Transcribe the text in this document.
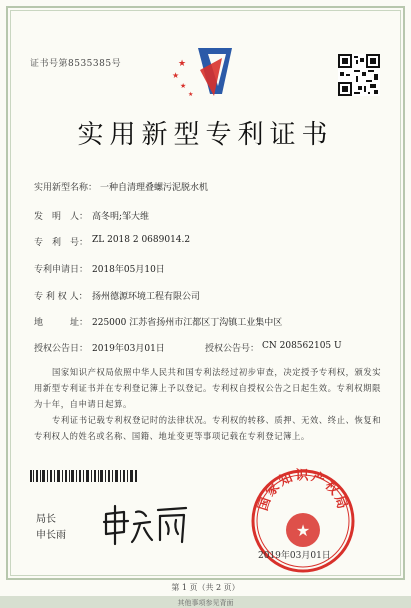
证书号第8535385号	★
★
★
★
实用新型专利证书
实用新型名称： 一种自清理叠螺污泥脱水机
发　明　人： 高冬明;邹大维
专　利　号： ZL 2018 2 0689014.2
专利申请日： 2018年05月10日
专 利 权 人： 扬州德源环境工程有限公司
地　　　址： 225000 江苏省扬州市江都区丁沟镇工业集中区
授权公告日： 2019年03月01日	授权公告号： CN 208562105 U
国家知识产权局依照中华人民共和国专利法经过初步审查，决定授予专利权，颁发实用新型专利证书并在专利登记簿上予以登记。专利权自授权公告之日起生效。专利权期限为十年，自申请日起算。
专利证书记载专利权登记时的法律状况。专利权的转移、质押、无效、终止、恢复和专利权人的姓名或名称、国籍、地址变更等事项记载在专利登记簿上。
局长
申长雨
国家知识产权局
★
2019年03月01日
第 1 页（共 2 页）
其他事项参见背面
